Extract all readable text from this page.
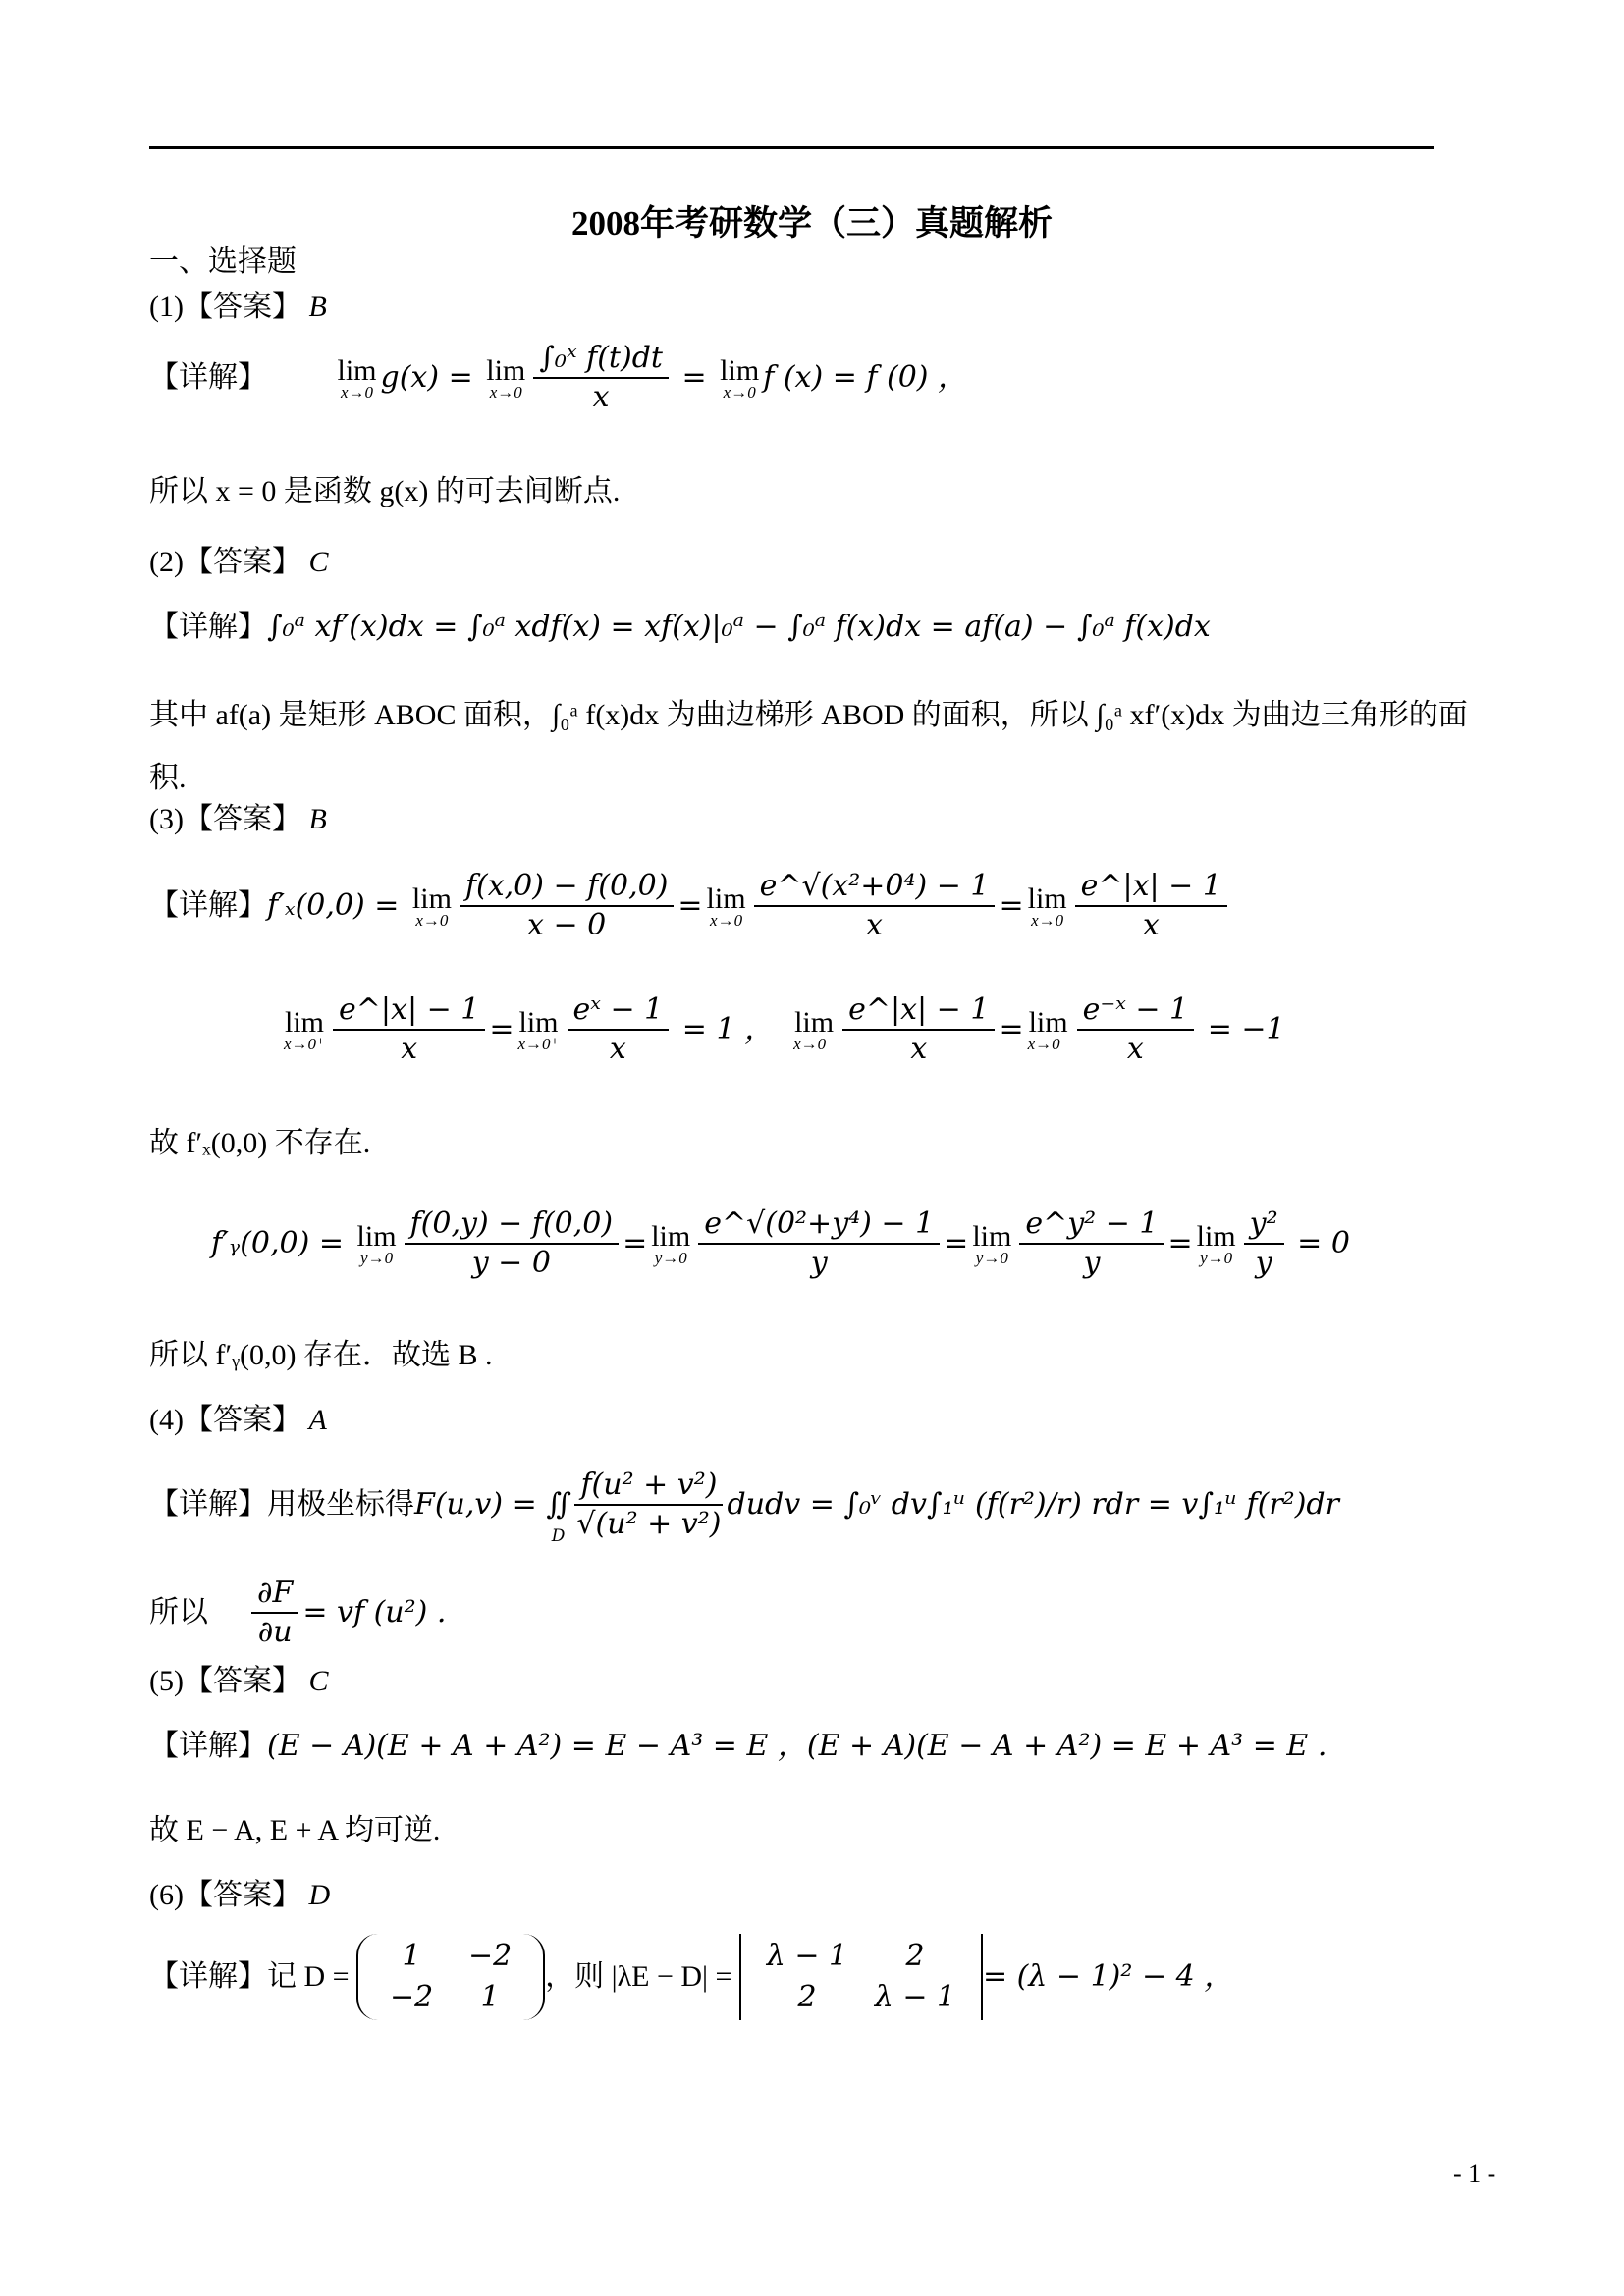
2008年考研数学（三）真题解析
一、选择题
(1)【答案】 B
【详解】 lim
x→0 g(x) = lim
$x\to 0 \frac{\text{∫₀ˣ f(t)dt}}{x} = \lim$
x→0 f (x) = f (0) ，
所以 x = 0 是函数 g(x) 的可去间断点.
(2)【答案】 C
【详解】∫₀ᵃ xf′(x)dx = ∫₀ᵃ xdf(x) = xf(x)|₀ᵃ − ∫₀ᵃ f(x)dx = af(a) − ∫₀ᵃ f(x)dx
其中 af(a) 是矩形 ABOC 面积，∫₀ᵃ f(x)dx 为曲边梯形 ABOD 的面积，所以 ∫₀ᵃ xf′(x)dx 为曲边三角形的面
积.
(3)【答案】 B
【详解】f′ₓ(0,0) = lim
$x\to 0 \frac{f(x,0) - f(0,0)}{x - 0} = \lim$
$x\to 0 \frac{\text{e\textasciicircum{}√(x²+0⁴) − 1}}{x} = \lim$
$x\to 0 \frac{e\^{}|x| - 1}{x}$
lim
$x\to 0^+ \frac{e\^{}|x| - 1}{x} = \lim$
$x\to 0^+ \frac{\text{eˣ − 1}}{x} = 1$ ， lim
$x\to 0^- \frac{e\^{}|x| - 1}{x} = \lim$
$x\to 0^- \frac{\text{e⁻ˣ − 1}}{x} = -1$
故 f′ₓ(0,0) 不存在.
f′ᵧ(0,0) = lim
$y\to 0 \frac{f(0,y) - f(0,0)}{y - 0} = \lim$
$y\to 0 \frac{\text{e\textasciicircum{}√(0²+y⁴) − 1}}{y} = \lim$
$y\to 0 \frac{\text{e\textasciicircum{}y² − 1}}{y} = \lim$
$y\to 0 \frac{\text{y²}}{y} = 0$
所以 f′ᵧ(0,0) 存在．故选 B .
(4)【答案】 A
【详解】用极坐标得$F(u,v) = ∬_D \frac{\text{f(u² + v²)}}{\text{√(u² + v²)}}$ dudv = ∫₀ᵛ dv∫₁ᵘ (f(r²)/r) rdr = v∫₁ᵘ f(r²)dr
所以 $\frac{\partial F}{\partial u}$ = vf (u²) .
(5)【答案】 C
【详解】(E − A)(E + A + A²) = E − A³ = E ，(E + A)(E − A + A²) = E + A³ = E .
故 E − A, E + A 均可逆.
(6)【答案】 D
【详解】记 D =
1 −2
−2 1
，则 |λE − D| =
λ − 1 2
2 λ − 1
= (λ − 1)² − 4 ，
- 1 -
